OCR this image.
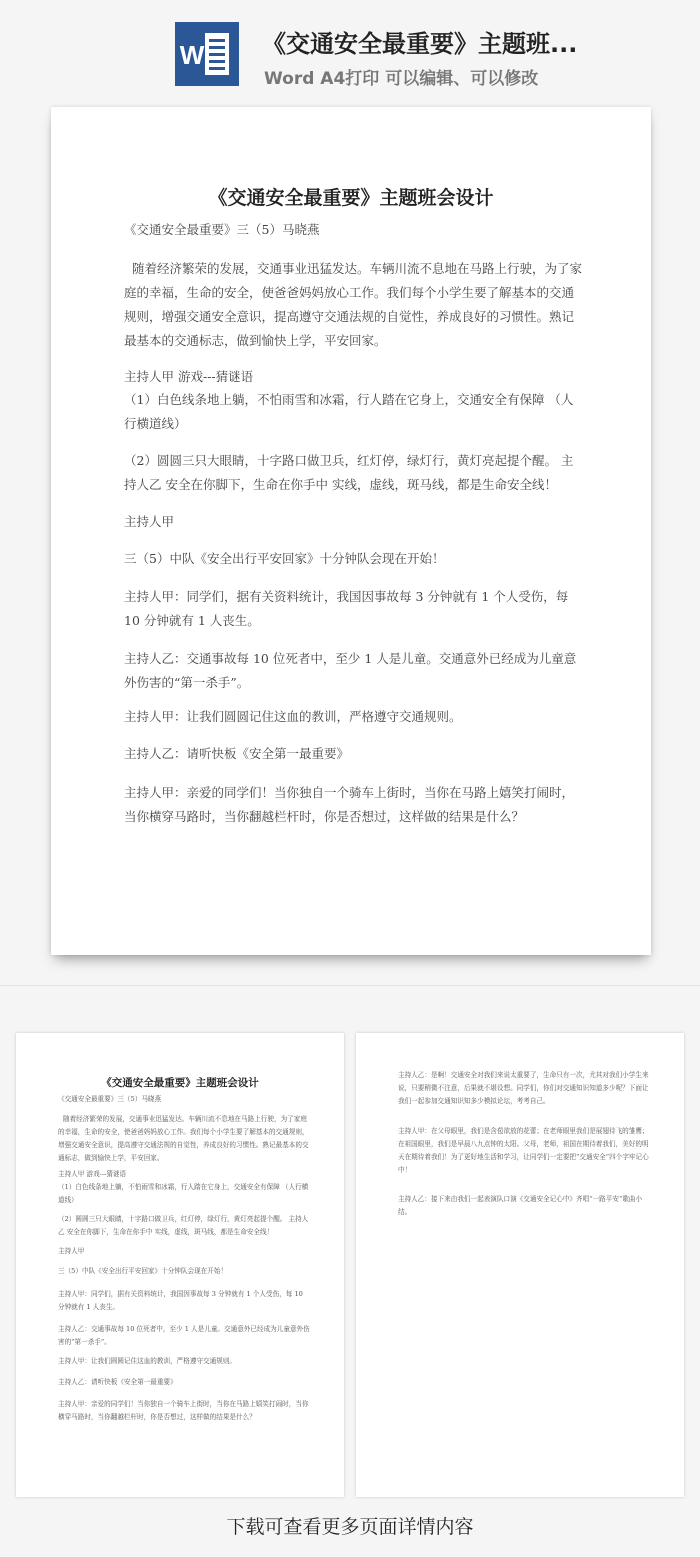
W 《交通安全最重要》主题班...
Word A4打印 可以编辑、可以修改
《交通安全最重要》主题班会设计
《交通安全最重要》三（5）马晓燕
随着经济繁荣的发展，交通事业迅猛发达。车辆川流不息地在马路上行驶，为了家庭的幸福，生命的安全，使爸爸妈妈放心工作。我们每个小学生要了解基本的交通规则，增强交通安全意识，提高遵守交通法规的自觉性，养成良好的习惯性。熟记最基本的交通标志，做到愉快上学，平安回家。
主持人甲 游戏---猜谜语
（1）白色线条地上躺，不怕雨雪和冰霜，行人踏在它身上，交通安全有保障 （人行横道线）
（2）圆圆三只大眼睛，十字路口做卫兵，红灯停，绿灯行，黄灯亮起提个醒。 主持人乙 安全在你脚下，生命在你手中 实线，虚线，斑马线，都是生命安全线！
主持人甲
三（5）中队《安全出行平安回家》十分钟队会现在开始！
主持人甲：同学们，据有关资料统计，我国因事故每 3 分钟就有 1 个人受伤，每 10 分钟就有 1 人丧生。
主持人乙：交通事故每 10 位死者中，至少 1 人是儿童。交通意外已经成为儿童意外伤害的“第一杀手”。
主持人甲：让我们圆圆记住这血的教训，严格遵守交通规则。
主持人乙：请听快板《安全第一最重要》
主持人甲：亲爱的同学们！当你独自一个骑车上街时，当你在马路上嬉笑打闹时，当你横穿马路时，当你翻越栏杆时，你是否想过，这样做的结果是什么？
《交通安全最重要》主题班会设计
《交通安全最重要》三（5）马晓燕
随着经济繁荣的发展，交通事业迅猛发达。车辆川流不息地在马路上行驶，为了家庭的幸福，生命的安全，使爸爸妈妈放心工作。我们每个小学生要了解基本的交通规则，增强交通安全意识，提高遵守交通法规的自觉性，养成良好的习惯性。熟记最基本的交通标志，做到愉快上学，平安回家。
主持人甲 游戏---猜谜语
（1）白色线条地上躺，不怕雨雪和冰霜，行人踏在它身上，交通安全有保障 （人行横道线）
（2）圆圆三只大眼睛，十字路口做卫兵，红灯停，绿灯行，黄灯亮起提个醒。 主持人乙 安全在你脚下，生命在你手中 实线，虚线，斑马线，都是生命安全线！
主持人甲
三（5）中队《安全出行平安回家》十分钟队会现在开始！
主持人甲：同学们，据有关资料统计，我国因事故每 3 分钟就有 1 个人受伤，每 10 分钟就有 1 人丧生。
主持人乙：交通事故每 10 位死者中，至少 1 人是儿童。交通意外已经成为儿童意外伤害的“第一杀手”。
主持人甲：让我们圆圆记住这血的教训，严格遵守交通规则。
主持人乙：请听快板《安全第一最重要》
主持人甲：亲爱的同学们！当你独自一个骑车上街时，当你在马路上嬉笑打闹时，当你横穿马路时，当你翻越栏杆时，你是否想过，这样做的结果是什么？
主持人乙：是啊！交通安全对我们来说太重要了，生命只有一次，尤其对我们小学生来说，只要稍微不注意，后果就不堪设想。同学们，你们对交通知识知道多少呢？下面让我们一起参加交通知识知多少模拟论坛，考考自己。
主持人甲：在父母眼里，我们是含苞欲放的花蕾；在老师眼里我们是展翅待飞的雏鹰；在祖国眼里，我们是早晨八九点钟的太阳。父母，老师，祖国在期待着我们，美好的明天在期待着我们！为了更好地生活和学习，让同学们一定要把“交通安全”四个字牢记心中！
主持人乙：接下来由我们一起表演队口演《交通安全记心中》齐唱“一路平安”歌曲小结。
下载可查看更多页面详情内容
